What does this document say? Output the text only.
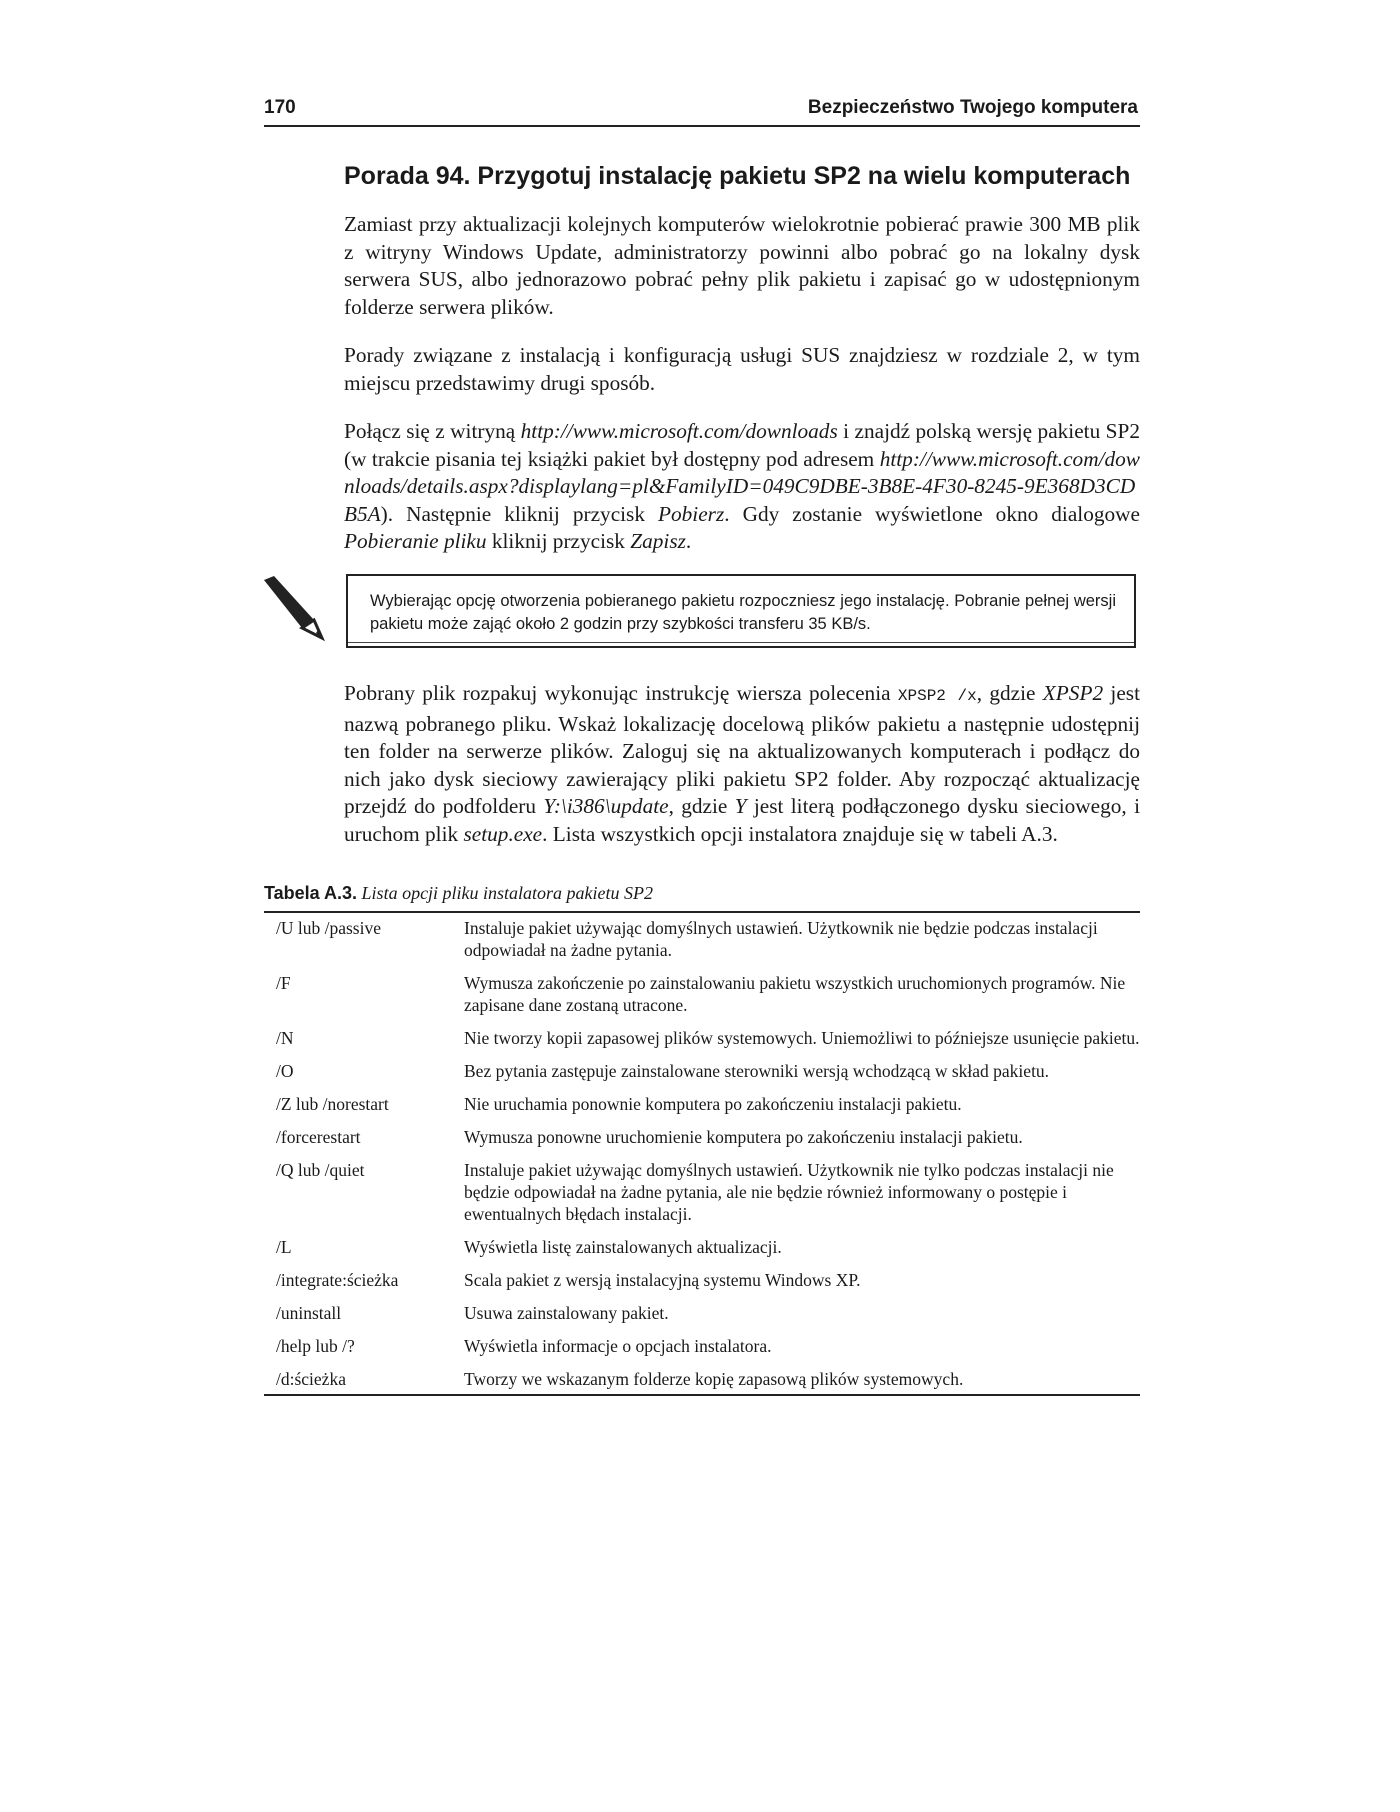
170	Bezpieczeństwo Twojego komputera
Porada 94. Przygotuj instalację pakietu SP2 na wielu komputerach
Zamiast przy aktualizacji kolejnych komputerów wielokrotnie pobierać prawie 300 MB plik z witryny Windows Update, administratorzy powinni albo pobrać go na lokalny dysk serwera SUS, albo jednorazowo pobrać pełny plik pakietu i zapisać go w udostępnionym folderze serwera plików.
Porady związane z instalacją i konfiguracją usługi SUS znajdziesz w rozdziale 2, w tym miejscu przedstawimy drugi sposób.
Połącz się z witryną http://www.microsoft.com/downloads i znajdź polską wersję pakietu SP2 (w trakcie pisania tej książki pakiet był dostępny pod adresem http://www.microsoft.com/downloads/details.aspx?displaylang=pl&FamilyID=049C9DBE-3B8E-4F30-8245-9E368D3CDB5A). Następnie kliknij przycisk Pobierz. Gdy zostanie wyświetlone okno dialogowe Pobieranie pliku kliknij przycisk Zapisz.
Wybierając opcję otworzenia pobieranego pakietu rozpoczniesz jego instalację. Pobranie pełnej wersji pakietu może zająć około 2 godzin przy szybkości transferu 35 KB/s.
Pobrany plik rozpakuj wykonując instrukcję wiersza polecenia XPSP2 /x, gdzie XPSP2 jest nazwą pobranego pliku. Wskaż lokalizację docelową plików pakietu a następnie udostępnij ten folder na serwerze plików. Zaloguj się na aktualizowanych komputerach i podłącz do nich jako dysk sieciowy zawierający pliki pakietu SP2 folder. Aby rozpocząć aktualizację przejdź do podfolderu Y:\i386\update, gdzie Y jest literą podłączonego dysku sieciowego, i uruchom plik setup.exe. Lista wszystkich opcji instalatora znajduje się w tabeli A.3.
Tabela A.3. Lista opcji pliku instalatora pakietu SP2
/U lub /passive	Instaluje pakiet używając domyślnych ustawień. Użytkownik nie będzie podczas instalacji odpowiadał na żadne pytania.
/F	Wymusza zakończenie po zainstalowaniu pakietu wszystkich uruchomionych programów. Nie zapisane dane zostaną utracone.
/N	Nie tworzy kopii zapasowej plików systemowych. Uniemożliwi to późniejsze usunięcie pakietu.
/O	Bez pytania zastępuje zainstalowane sterowniki wersją wchodzącą w skład pakietu.
/Z lub /norestart	Nie uruchamia ponownie komputera po zakończeniu instalacji pakietu.
/forcerestart	Wymusza ponowne uruchomienie komputera po zakończeniu instalacji pakietu.
/Q lub /quiet	Instaluje pakiet używając domyślnych ustawień. Użytkownik nie tylko podczas instalacji nie będzie odpowiadał na żadne pytania, ale nie będzie również informowany o postępie i ewentualnych błędach instalacji.
/L	Wyświetla listę zainstalowanych aktualizacji.
/integrate:ścieżka	Scala pakiet z wersją instalacyjną systemu Windows XP.
/uninstall	Usuwa zainstalowany pakiet.
/help lub /?	Wyświetla informacje o opcjach instalatora.
/d:ścieżka	Tworzy we wskazanym folderze kopię zapasową plików systemowych.
